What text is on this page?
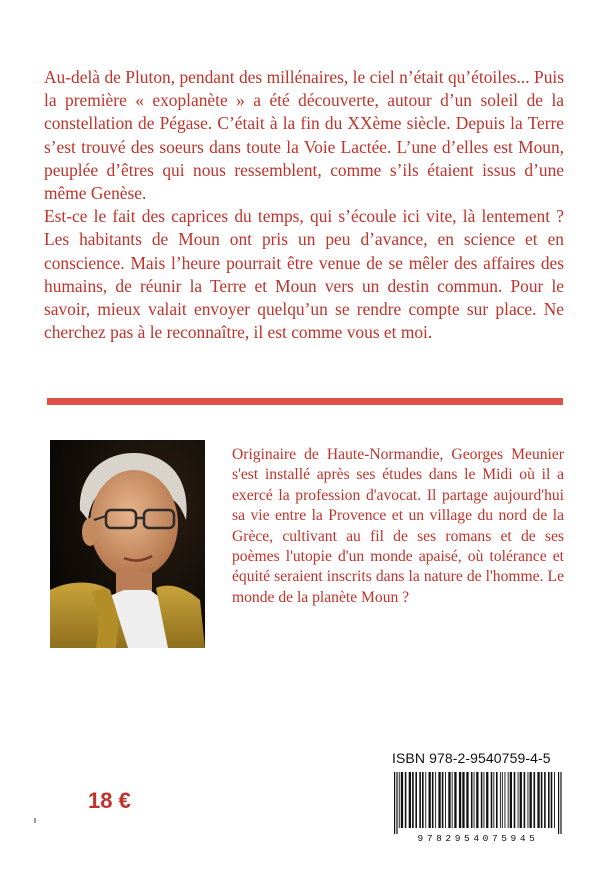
Au-delà de Pluton, pendant des millénaires, le ciel n’était qu’étoiles... Puis la première « exoplanète » a été découverte, autour d’un soleil de la constellation de Pégase. C’était à la fin du XXème siècle. Depuis la Terre s’est trouvé des soeurs dans toute la Voie Lactée. L’une d’elles est Moun, peuplée d’êtres qui nous ressemblent, comme s’ils étaient issus d’une même Genèse.

Est-ce le fait des caprices du temps, qui s’écoule ici vite, là lentement ? Les habitants de Moun ont pris un peu d’avance, en science et en conscience. Mais l’heure pourrait être venue de se mêler des affaires des humains, de réunir la Terre et Moun vers un destin commun. Pour le savoir, mieux valait envoyer quelqu’un se rendre compte sur place. Ne cherchez pas à le reconnaître, il est comme vous et moi.

Originaire de Haute-Normandie, Georges Meunier s'est installé après ses études dans le Midi où il a exercé la profession d'avocat. Il partage aujourd'hui sa vie entre la Provence et un village du nord de la Grèce, cultivant au fil de ses romans et de ses poèmes l'utopie d'un monde apaisé, où tolérance et équité seraient inscrits dans la nature de l'homme. Le monde de la planète Moun ?

ISBN 978-2-9540759-4-5
18 €
9782954075945
